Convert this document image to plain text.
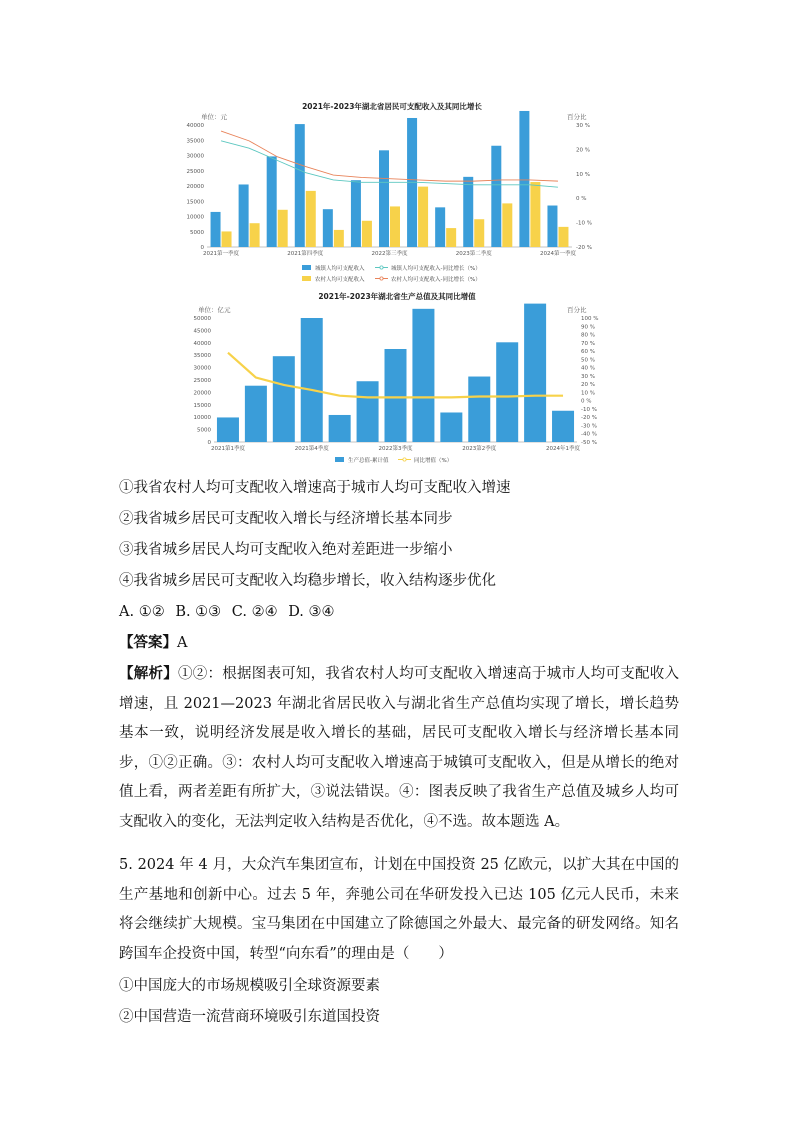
2021年-2023年湖北省居民可支配收入及其同比增长
单位：元	百分比
0
5000
10000
15000
20000
25000
30000
35000
40000
-20 %
-10 %
0 %
10 %
20 %
30 %
2021第一季度	2021第四季度	2022第三季度	2023第二季度	2024第一季度
城镇人均可支配收入	城镇人均可支配收入-同比增长（%）
农村人均可支配收入	农村人均可支配收入-同比增长（%）
2021年-2023年湖北省生产总值及其同比增值
单位：亿元	百分比
0
5000
10000
15000
20000
25000
30000
35000
40000
45000
50000
-50 %
-40 %
-30 %
-20 %
-10 %
0 %
10 %
20 %
30 %
40 %
50 %
60 %
70 %
80 %
90 %
100 %
2021第1季度	2021第4季度	2022第3季度	2023第2季度	2024年1季度
生产总值-累计值	同比增值（%）
①我省农村人均可支配收入增速高于城市人均可支配收入增速
②我省城乡居民可支配收入增长与经济增长基本同步
③我省城乡居民人均可支配收入绝对差距进一步缩小
④我省城乡居民可支配收入均稳步增长，收入结构逐步优化
A. ①② B. ①③ C. ②④ D. ③④
【答案】A
【解析】①②：根据图表可知，我省农村人均可支配收入增速高于城市人均可支配收入增速，且 2021—2023 年湖北省居民收入与湖北省生产总值均实现了增长，增长趋势基本一致，说明经济发展是收入增长的基础，居民可支配收入增长与经济增长基本同步，①②正确。③：农村人均可支配收入增速高于城镇可支配收入，但是从增长的绝对值上看，两者差距有所扩大，③说法错误。④：图表反映了我省生产总值及城乡人均可支配收入的变化，无法判定收入结构是否优化，④不选。故本题选 A。
5. 2024 年 4 月，大众汽车集团宣布，计划在中国投资 25 亿欧元，以扩大其在中国的生产基地和创新中心。过去 5 年，奔驰公司在华研发投入已达 105 亿元人民币，未来将会继续扩大规模。宝马集团在中国建立了除德国之外最大、最完备的研发网络。知名跨国车企投资中国，转型“向东看”的理由是（　　）
①中国庞大的市场规模吸引全球资源要素
②中国营造一流营商环境吸引东道国投资
